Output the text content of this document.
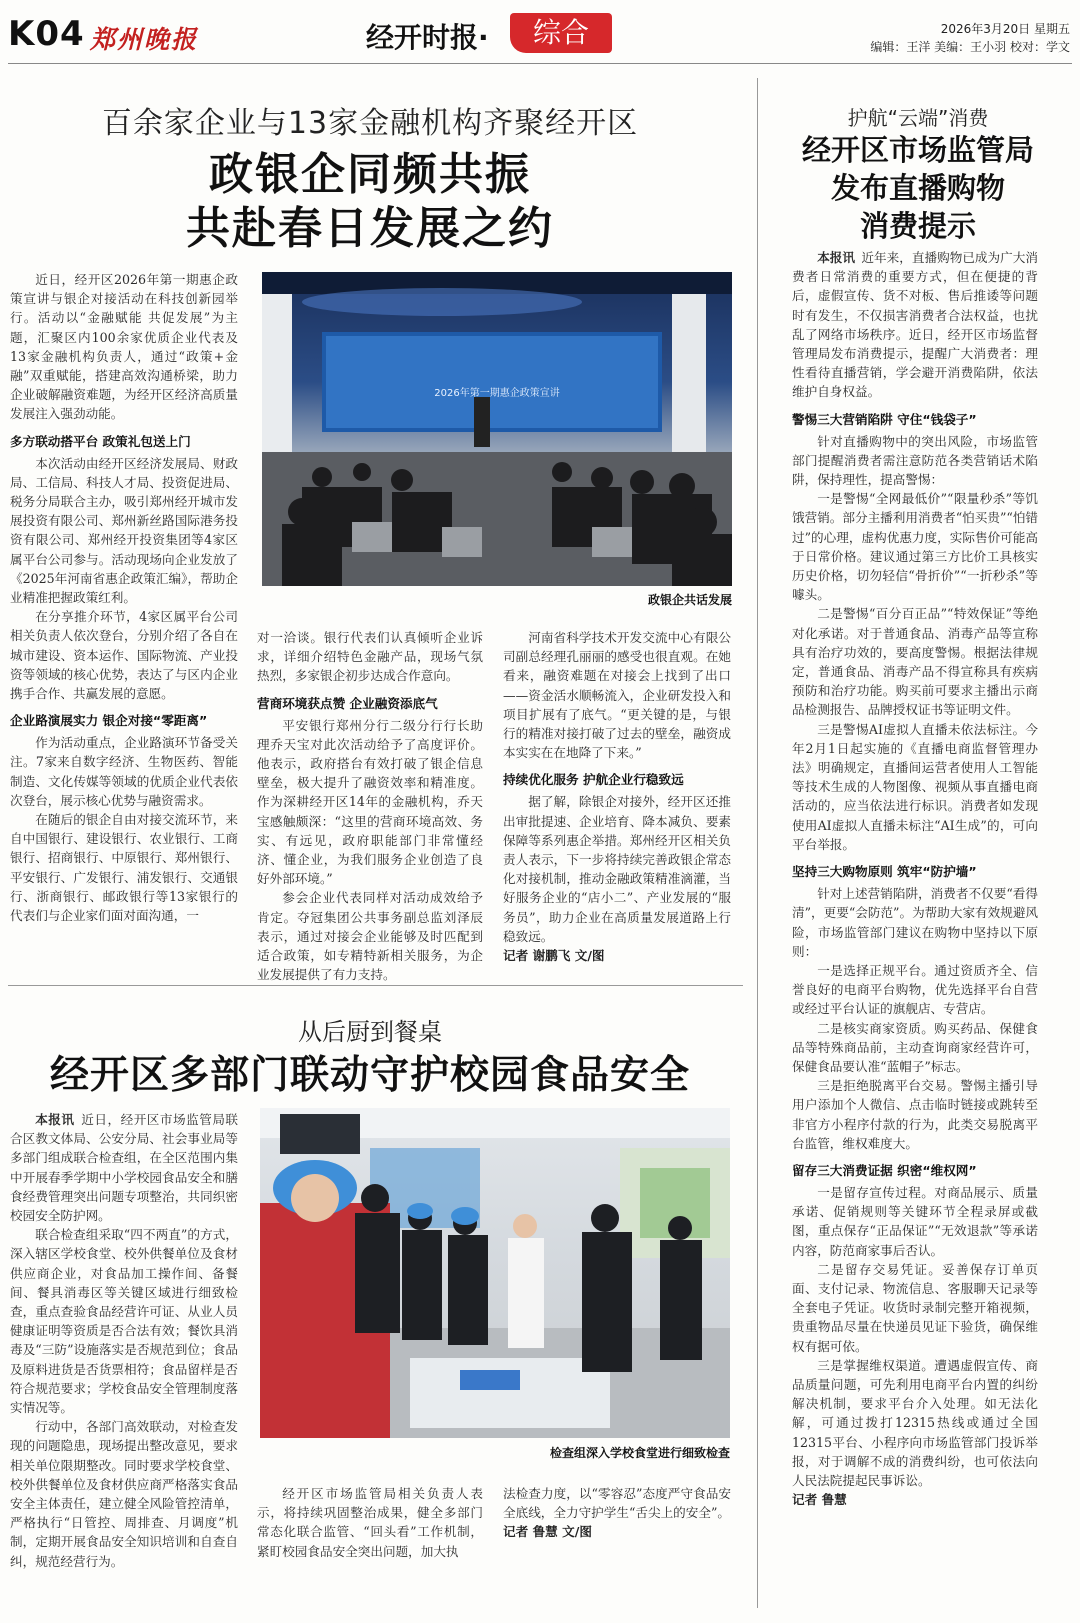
K04 郑州晚报	经开时报·	综合	2026年3月20日 星期五
编辑：王洋 美编：王小羽 校对：学文
百余家企业与13家金融机构齐聚经开区
政银企同频共振
共赴春日发展之约
2026年第一期惠企政策宣讲
政银企共话发展

近日，经开区2026年第一期惠企政策宣讲与银企对接活动在科技创新园举行。活动以“金融赋能 共促发展”为主题，汇聚区内100余家优质企业代表及13家金融机构负责人，通过“政策+金融”双重赋能，搭建高效沟通桥梁，助力企业破解融资难题，为经开区经济高质量发展注入强劲动能。

多方联动搭平台 政策礼包送上门

本次活动由经开区经济发展局、财政局、工信局、科技人才局、投资促进局、税务分局联合主办，吸引郑州经开城市发展投资有限公司、郑州新丝路国际港务投资有限公司、郑州经开投资集团等4家区属平台公司参与。活动现场向企业发放了《2025年河南省惠企政策汇编》，帮助企业精准把握政策红利。

在分享推介环节，4家区属平台公司相关负责人依次登台，分别介绍了各自在城市建设、资本运作、国际物流、产业投资等领域的核心优势，表达了与区内企业携手合作、共赢发展的意愿。

企业路演展实力 银企对接“零距离”

作为活动重点，企业路演环节备受关注。7家来自数字经济、生物医药、智能制造、文化传媒等领域的优质企业代表依次登台，展示核心优势与融资需求。

在随后的银企自由对接交流环节，来自中国银行、建设银行、农业银行、工商银行、招商银行、中原银行、郑州银行、平安银行、广发银行、浦发银行、交通银行、浙商银行、邮政银行等13家银行的代表们与企业家们面对面沟通，一

对一洽谈。银行代表们认真倾听企业诉求，详细介绍特色金融产品，现场气氛热烈，多家银企初步达成合作意向。

营商环境获点赞 企业融资添底气

平安银行郑州分行二级分行行长助理乔天宝对此次活动给予了高度评价。他表示，政府搭台有效打破了银企信息壁垒，极大提升了融资效率和精准度。作为深耕经开区14年的金融机构，乔天宝感触颇深：“这里的营商环境高效、务实、有远见，政府职能部门非常懂经济、懂企业，为我们服务企业创造了良好外部环境。”

参会企业代表同样对活动成效给予肯定。夺冠集团公共事务副总监刘泽辰表示，通过对接会企业能够及时匹配到适合政策，如专精特新相关服务，为企业发展提供了有力支持。

河南省科学技术开发交流中心有限公司副总经理孔丽丽的感受也很直观。在她看来，融资难题在对接会上找到了出口——资金活水顺畅流入，企业研发投入和项目扩展有了底气。“更关键的是，与银行的精准对接打破了过去的壁垒，融资成本实实在在地降了下来。”

持续优化服务 护航企业行稳致远

据了解，除银企对接外，经开区还推出审批提速、企业培育、降本减负、要素保障等系列惠企举措。郑州经开区相关负责人表示，下一步将持续完善政银企常态化对接机制，推动金融政策精准滴灌，当好服务企业的“店小二”、产业发展的“服务员”，助力企业在高质量发展道路上行稳致远。

记者 谢鹏飞 文/图
从后厨到餐桌
经开区多部门联动守护校园食品安全
检查组深入学校食堂进行细致检查

本报讯  近日，经开区市场监管局联合区教文体局、公安分局、社会事业局等多部门组成联合检查组，在全区范围内集中开展春季学期中小学校园食品安全和膳食经费管理突出问题专项整治，共同织密校园安全防护网。

联合检查组采取“四不两直”的方式，深入辖区学校食堂、校外供餐单位及食材供应商企业，对食品加工操作间、备餐间、餐具消毒区等关键区域进行细致检查，重点查验食品经营许可证、从业人员健康证明等资质是否合法有效；餐饮具消毒及“三防”设施落实是否规范到位；食品及原料进货是否货票相符；食品留样是否符合规范要求；学校食品安全管理制度落实情况等。

行动中，各部门高效联动，对检查发现的问题隐患，现场提出整改意见，要求相关单位限期整改。同时要求学校食堂、校外供餐单位及食材供应商严格落实食品安全主体责任，建立健全风险管控清单，严格执行“日管控、周排查、月调度”机制，定期开展食品安全知识培训和自查自纠，规范经营行为。

经开区市场监管局相关负责人表示，将持续巩固整治成果，健全多部门常态化联合监管、“回头看”工作机制，紧盯校园食品安全突出问题，加大执

法检查力度，以“零容忍”态度严守食品安全底线，全力守护学生“舌尖上的安全”。

记者 鲁慧 文/图
护航“云端”消费
经开区市场监管局
发布直播购物
消费提示

本报讯  近年来，直播购物已成为广大消费者日常消费的重要方式，但在便捷的背后，虚假宣传、货不对板、售后推诿等问题时有发生，不仅损害消费者合法权益，也扰乱了网络市场秩序。近日，经开区市场监督管理局发布消费提示，提醒广大消费者：理性看待直播营销，学会避开消费陷阱，依法维护自身权益。

警惕三大营销陷阱 守住“钱袋子”

针对直播购物中的突出风险，市场监管部门提醒消费者需注意防范各类营销话术陷阱，保持理性，提高警惕：

一是警惕“全网最低价”“限量秒杀”等饥饿营销。部分主播利用消费者“怕买贵”“怕错过”的心理，虚构优惠力度，实际售价可能高于日常价格。建议通过第三方比价工具核实历史价格，切勿轻信“骨折价”“一折秒杀”等噱头。

二是警惕“百分百正品”“特效保证”等绝对化承诺。对于普通食品、消毒产品等宣称具有治疗功效的，要高度警惕。根据法律规定，普通食品、消毒产品不得宣称具有疾病预防和治疗功能。购买前可要求主播出示商品检测报告、品牌授权证书等证明文件。

三是警惕AI虚拟人直播未依法标注。今年2月1日起实施的《直播电商监督管理办法》明确规定，直播间运营者使用人工智能等技术生成的人物图像、视频从事直播电商活动的，应当依法进行标识。消费者如发现使用AI虚拟人直播未标注“AI生成”的，可向平台举报。

坚持三大购物原则 筑牢“防护墙”

针对上述营销陷阱，消费者不仅要“看得清”，更要“会防范”。为帮助大家有效规避风险，市场监管部门建议在购物中坚持以下原则：

一是选择正规平台。通过资质齐全、信誉良好的电商平台购物，优先选择平台自营或经过平台认证的旗舰店、专营店。

二是核实商家资质。购买药品、保健食品等特殊商品前，主动查询商家经营许可，保健食品要认准“蓝帽子”标志。

三是拒绝脱离平台交易。警惕主播引导用户添加个人微信、点击临时链接或跳转至非官方小程序付款的行为，此类交易脱离平台监管，维权难度大。

留存三大消费证据 织密“维权网”

一是留存宣传过程。对商品展示、质量承诺、促销规则等关键环节全程录屏或截图，重点保存“正品保证”“无效退款”等承诺内容，防范商家事后否认。

二是留存交易凭证。妥善保存订单页面、支付记录、物流信息、客服聊天记录等全套电子凭证。收货时录制完整开箱视频，贵重物品尽量在快递员见证下验货，确保维权有据可依。

三是掌握维权渠道。遭遇虚假宣传、商品质量问题，可先利用电商平台内置的纠纷解决机制，要求平台介入处理。如无法化解，可通过拨打12315热线或通过全国12315平台、小程序向市场监管部门投诉举报，对于调解不成的消费纠纷，也可依法向人民法院提起民事诉讼。

记者 鲁慧
